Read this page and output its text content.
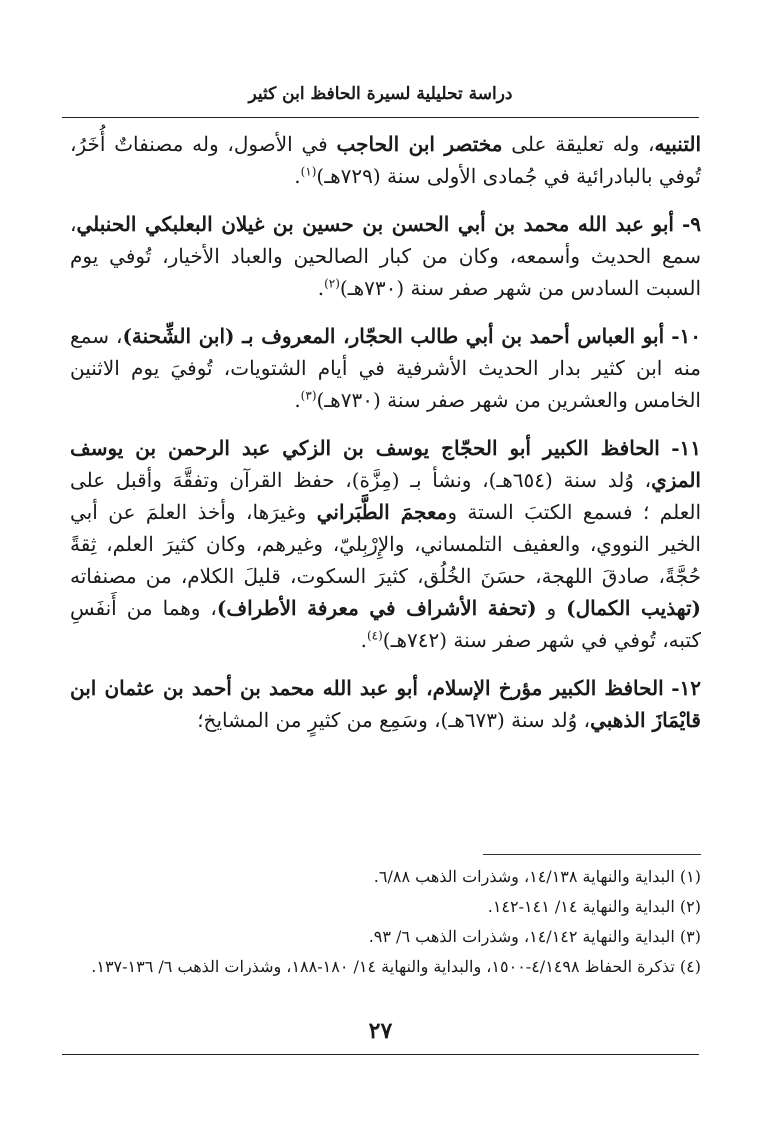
دراسة تحليلية لسيرة الحافظ ابن كثير

التنبيه، وله تعليقة على مختصر ابن الحاجب في الأصول، وله مصنفاتٌ أُخَرُ، تُوفي بالبادرائية في جُمادى الأولى سنة (٧٢٩هـ)$^{(١)}$.

٩- أبو عبد الله محمد بن أبي الحسن بن حسين بن غيلان البعلبكي الحنبلي، سمع الحديث وأسمعه، وكان من كبار الصالحين والعباد الأخيار، تُوفي يوم السبت السادس من شهر صفر سنة (٧٣٠هـ)$^{(٢)}$.

١٠- أبو العباس أحمد بن أبي طالب الحجّار، المعروف بـ (ابن الشِّحنة)، سمع منه ابن كثير بدار الحديث الأشرفية في أيام الشتويات، تُوفيَ يوم الاثنين الخامس والعشرين من شهر صفر سنة (٧٣٠هـ)$^{(٣)}$.

١١- الحافظ الكبير أبو الحجّاج يوسف بن الزكي عبد الرحمن بن يوسف المزي، وُلد سنة (٦٥٤هـ)، ونشأ بـ (مِزَّة)، حفظ القرآن وتفقَّهَ وأقبل على العلم ؛ فسمع الكتبَ الستة ومعجمَ الطَّبَراني وغيرَها، وأخذ العلمَ عن أبي الخير النووي، والعفيف التلمساني، والإِرْبِليّ، وغيرهم، وكان كثيرَ العلم، ثِقةً حُجَّةً، صادقَ اللهجة، حسَنَ الخُلُق، كثيرَ السكوت، قليلَ الكلام، من مصنفاته (تهذيب الكمال) و (تحفة الأشراف في معرفة الأطراف)، وهما من أَنفَسِ كتبه، تُوفي في شهر صفر سنة (٧٤٢هـ)$^{(٤)}$.

١٢- الحافظ الكبير مؤرخ الإسلام، أبو عبد الله محمد بن أحمد بن عثمان ابن قايْمَازَ الذهبي، وُلد سنة (٦٧٣هـ)، وسَمِع من كثيرٍ من المشايخ؛

(١) البداية والنهاية ١٤/١٣٨، وشذرات الذهب ٦/٨٨.

(٢) البداية والنهاية ١٤/ ١٤١-١٤٢.

(٣) البداية والنهاية ١٤/١٤٢، وشذرات الذهب ٦/ ٩٣.

(٤) تذكرة الحفاظ ٤/١٤٩٨-١٥٠٠، والبداية والنهاية ١٤/ ١٨٠-١٨٨، وشذرات الذهب ٦/ ١٣٦-١٣٧.

٢٧
